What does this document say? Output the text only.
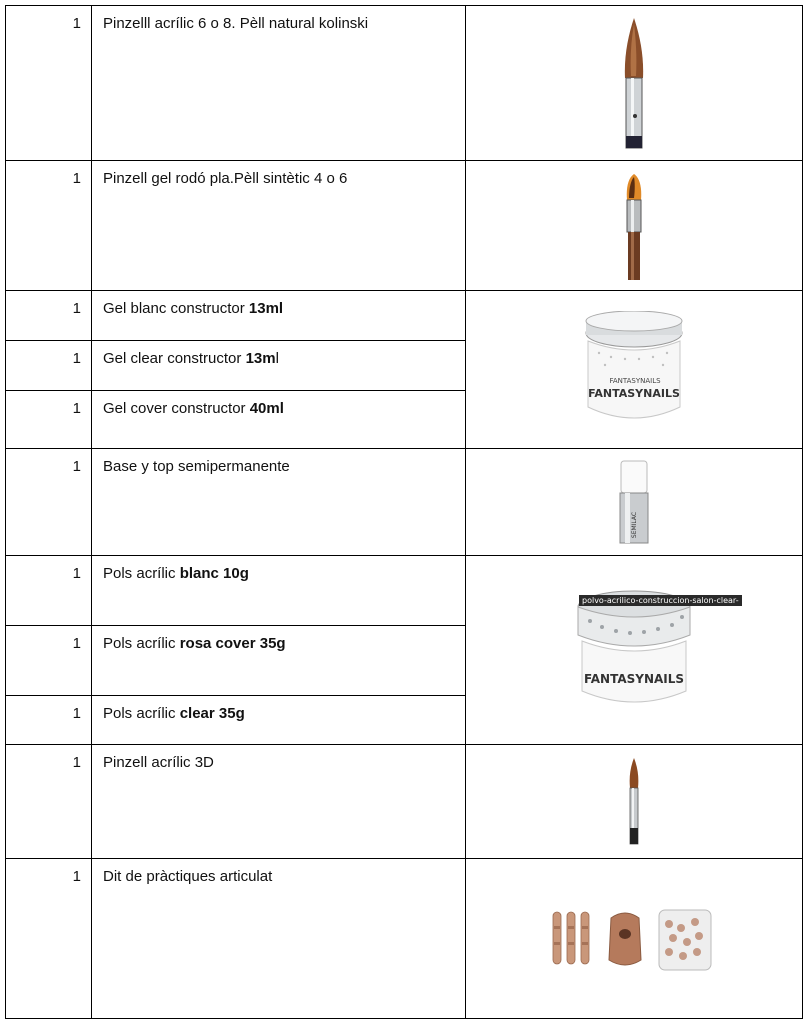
1	Pinzelll acrílic 6 o 8. Pèll natural kolinski	

1	Pinzell gel rodó pla.Pèll sintètic 4 o 6	

1	Gel blanc constructor 13ml	FANTASYNAILS
FANTASYNAILS

1	Gel clear constructor 13ml	
1	Gel cover constructor 40ml	
1	Base y top semipermanente	SEMILAC

1	Pols acrílic blanc 10g	polvo-acrilico-construccion-salon-clear-
FANTASYNAILS

1	Pols acrílic rosa cover 35g	
1	Pols acrílic clear 35g	
1	Pinzell acrílic 3D	

1	Dit de pràctiques articulat	
